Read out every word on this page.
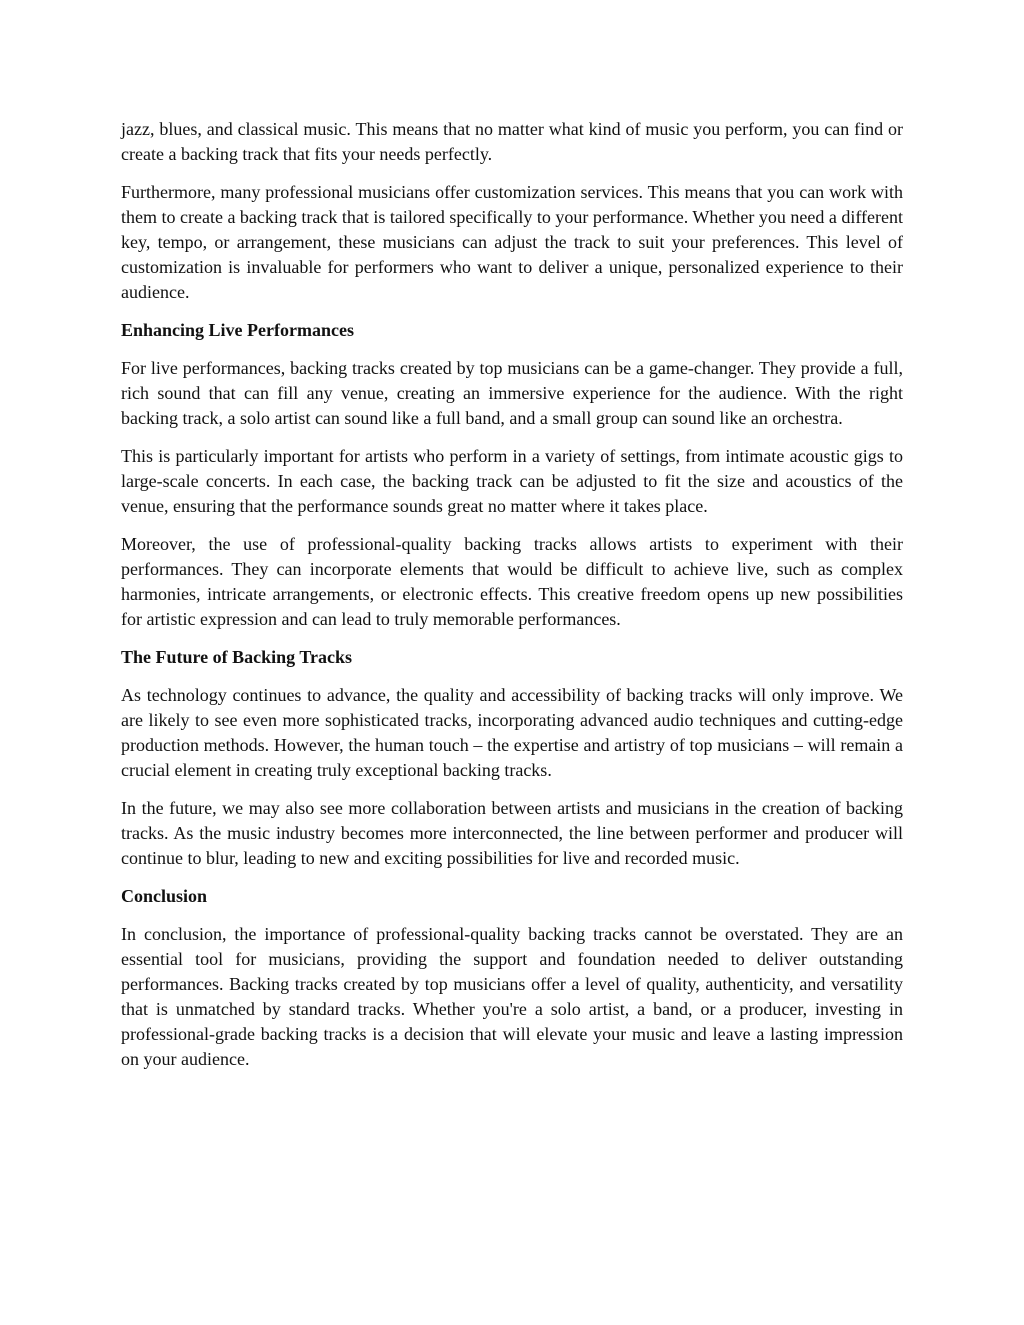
jazz, blues, and classical music. This means that no matter what kind of music you perform, you can find or create a backing track that fits your needs perfectly.

Furthermore, many professional musicians offer customization services. This means that you can work with them to create a backing track that is tailored specifically to your performance. Whether you need a different key, tempo, or arrangement, these musicians can adjust the track to suit your preferences. This level of customization is invaluable for performers who want to deliver a unique, personalized experience to their audience.

Enhancing Live Performances

For live performances, backing tracks created by top musicians can be a game-changer. They provide a full, rich sound that can fill any venue, creating an immersive experience for the audience. With the right backing track, a solo artist can sound like a full band, and a small group can sound like an orchestra.

This is particularly important for artists who perform in a variety of settings, from intimate acoustic gigs to large-scale concerts. In each case, the backing track can be adjusted to fit the size and acoustics of the venue, ensuring that the performance sounds great no matter where it takes place.

Moreover, the use of professional-quality backing tracks allows artists to experiment with their performances. They can incorporate elements that would be difficult to achieve live, such as complex harmonies, intricate arrangements, or electronic effects. This creative freedom opens up new possibilities for artistic expression and can lead to truly memorable performances.

The Future of Backing Tracks

As technology continues to advance, the quality and accessibility of backing tracks will only improve. We are likely to see even more sophisticated tracks, incorporating advanced audio techniques and cutting-edge production methods. However, the human touch – the expertise and artistry of top musicians – will remain a crucial element in creating truly exceptional backing tracks.

In the future, we may also see more collaboration between artists and musicians in the creation of backing tracks. As the music industry becomes more interconnected, the line between performer and producer will continue to blur, leading to new and exciting possibilities for live and recorded music.

Conclusion

In conclusion, the importance of professional-quality backing tracks cannot be overstated. They are an essential tool for musicians, providing the support and foundation needed to deliver outstanding performances. Backing tracks created by top musicians offer a level of quality, authenticity, and versatility that is unmatched by standard tracks. Whether you're a solo artist, a band, or a producer, investing in professional-grade backing tracks is a decision that will elevate your music and leave a lasting impression on your audience.
